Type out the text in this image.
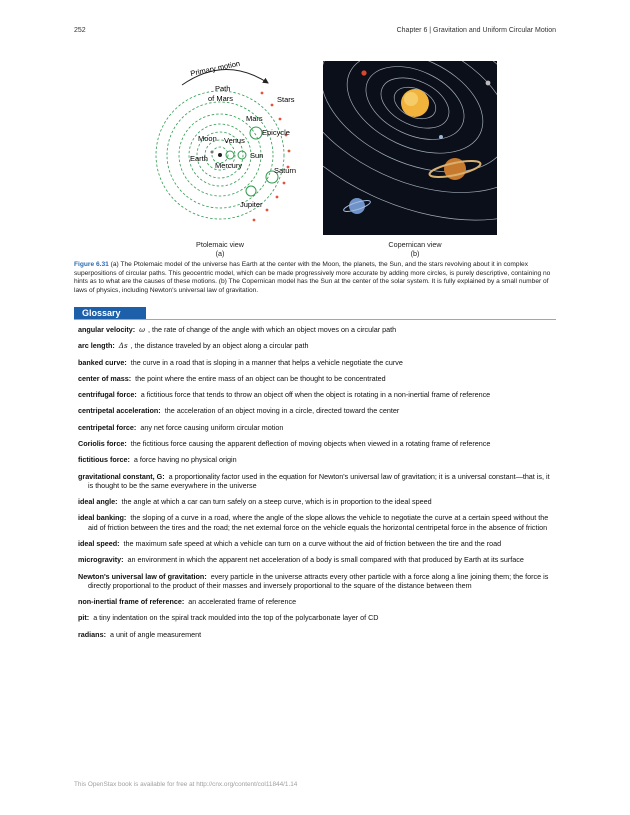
252	Chapter 6 | Gravitation and Uniform Circular Motion
Primary motion
Path
of Mars	Stars
Mars
Epicycle
Moon Venus
Sun
Earth
Mercury
Saturn
Jupiter
Ptolemaic view
(a)
Copernican view
(b)
Figure 6.31 (a) The Ptolemaic model of the universe has Earth at the center with the Moon, the planets, the Sun, and the stars revolving about it in complex superpositions of circular paths. This geocentric model, which can be made progressively more accurate by adding more circles, is purely descriptive, containing no hints as to what are the causes of these motions. (b) The Copernican model has the Sun at the center of the solar system. It is fully explained by a small number of laws of physics, including Newton's universal law of gravitation.
Glossary
angular velocity: ω , the rate of change of the angle with which an object moves on a circular path
arc length: Δs , the distance traveled by an object along a circular path
banked curve: the curve in a road that is sloping in a manner that helps a vehicle negotiate the curve
center of mass: the point where the entire mass of an object can be thought to be concentrated
centrifugal force: a fictitious force that tends to throw an object off when the object is rotating in a non-inertial frame of reference
centripetal acceleration: the acceleration of an object moving in a circle, directed toward the center
centripetal force: any net force causing uniform circular motion
Coriolis force: the fictitious force causing the apparent deflection of moving objects when viewed in a rotating frame of reference
fictitious force: a force having no physical origin
gravitational constant, G: a proportionality factor used in the equation for Newton's universal law of gravitation; it is a universal constant—that is, it is thought to be the same everywhere in the universe
ideal angle: the angle at which a car can turn safely on a steep curve, which is in proportion to the ideal speed
ideal banking: the sloping of a curve in a road, where the angle of the slope allows the vehicle to negotiate the curve at a certain speed without the aid of friction between the tires and the road; the net external force on the vehicle equals the horizontal centripetal force in the absence of friction
ideal speed: the maximum safe speed at which a vehicle can turn on a curve without the aid of friction between the tire and the road
microgravity: an environment in which the apparent net acceleration of a body is small compared with that produced by Earth at its surface
Newton's universal law of gravitation: every particle in the universe attracts every other particle with a force along a line joining them; the force is directly proportional to the product of their masses and inversely proportional to the square of the distance between them
non-inertial frame of reference: an accelerated frame of reference
pit: a tiny indentation on the spiral track moulded into the top of the polycarbonate layer of CD
radians: a unit of angle measurement
This OpenStax book is available for free at http://cnx.org/content/col11844/1.14
